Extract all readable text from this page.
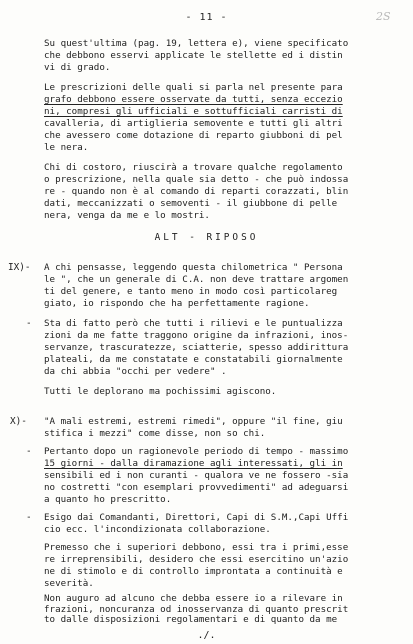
- 11 -	2S
Su quest'ultima (pag. 19, lettera e), viene specificato
che debbono esservi applicate le stellette ed i distin
vi di grado.
Le prescrizioni delle quali si parla nel presente para
grafo debbono essere osservate da tutti, senza eccezio
ni, compresi gli ufficiali e sottufficiali carristi di
cavalleria, di artiglieria semovente e tutti gli altri
che avessero come dotazione di reparto giubboni di pel
le nera.
Chi di costoro, riuscirà a trovare qualche regolamento
o prescrizione, nella quale sia detto - che può indossa
re - quando non è al comando di reparti corazzati, blin
dati, meccanizzati o semoventi - il giubbone di pelle
nera, venga da me e lo mostri.
ALT - RIPOSO
IX)- A chi pensasse, leggendo questa chilometrica " Persona
le ", che un generale di C.A. non deve trattare argomen
ti del genere, e tanto meno in modo così particolareg
giato, io rispondo che ha perfettamente ragione.
- Sta di fatto però che tutti i rilievi e le puntualizza
zioni da me fatte traggono origine da infrazioni, inos-
servanze, trascuratezze, sciatterie, spesso addirittura
plateali, da me constatate e constatabili giornalmente
da chi abbia "occhi per vedere" .
Tutti le deplorano ma pochissimi agiscono.
X)- "A mali estremi, estremi rimedi", oppure "il fine, giu
stifica i mezzi" come disse, non so chi.
- Pertanto dopo un ragionevole periodo di tempo - massimo
15 giorni - dalla diramazione agli interessati, gli in
sensibili ed i non curanti - qualora ve ne fossero -sia
no costretti "con esemplari provvedimenti" ad adeguarsi
a quanto ho prescritto.
- Esigo dai Comandanti, Direttori, Capi di S.M.,Capi Uffi
cio ecc. l'incondizionata collaborazione.
Premesso che i superiori debbono, essi tra i primi,esse
re irreprensibili, desidero che essi esercitino un'azio
ne di stimolo e di controllo improntata a continuità e
severità.
Non auguro ad alcuno che debba essere io a rilevare in
frazioni, noncuranza od inosservanza di quanto prescrit
to dalle disposizioni regolamentari e di quanto da me
./.
